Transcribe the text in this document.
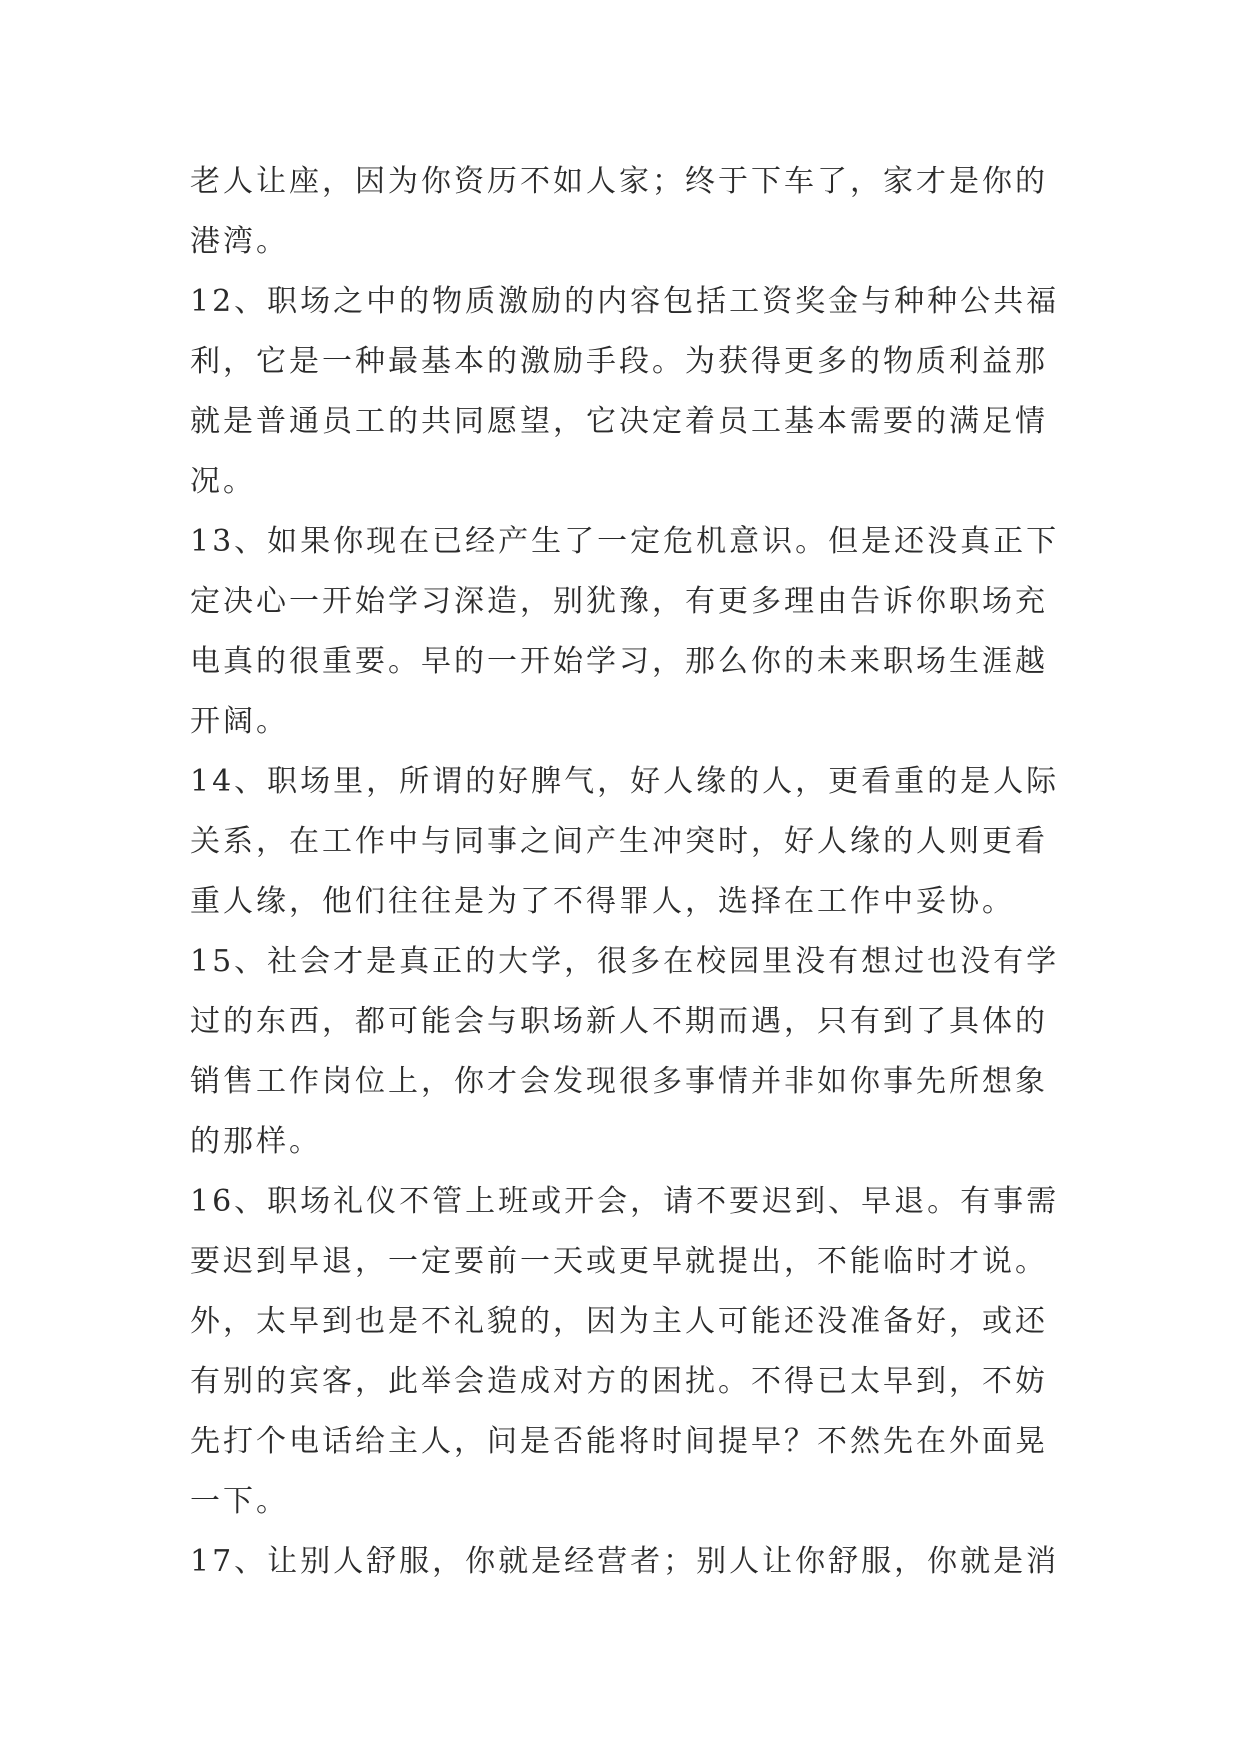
老人让座，因为你资历不如人家；终于下车了，家才是你的
港湾。
12、职场之中的物质激励的内容包括工资奖金与种种公共福
利，它是一种最基本的激励手段。为获得更多的物质利益那
就是普通员工的共同愿望，它决定着员工基本需要的满足情
况。
13、如果你现在已经产生了一定危机意识。但是还没真正下
定决心一开始学习深造，别犹豫，有更多理由告诉你职场充
电真的很重要。早的一开始学习，那么你的未来职场生涯越
开阔。
14、职场里，所谓的好脾气，好人缘的人，更看重的是人际
关系，在工作中与同事之间产生冲突时，好人缘的人则更看
重人缘，他们往往是为了不得罪人，选择在工作中妥协。
15、社会才是真正的大学，很多在校园里没有想过也没有学
过的东西，都可能会与职场新人不期而遇，只有到了具体的
销售工作岗位上，你才会发现很多事情并非如你事先所想象
的那样。
16、职场礼仪不管上班或开会，请不要迟到、早退。有事需
要迟到早退，一定要前一天或更早就提出，不能临时才说。
外，太早到也是不礼貌的，因为主人可能还没准备好，或还
有别的宾客，此举会造成对方的困扰。不得已太早到，不妨
先打个电话给主人，问是否能将时间提早？不然先在外面晃
一下。
17、让别人舒服，你就是经营者；别人让你舒服，你就是消
